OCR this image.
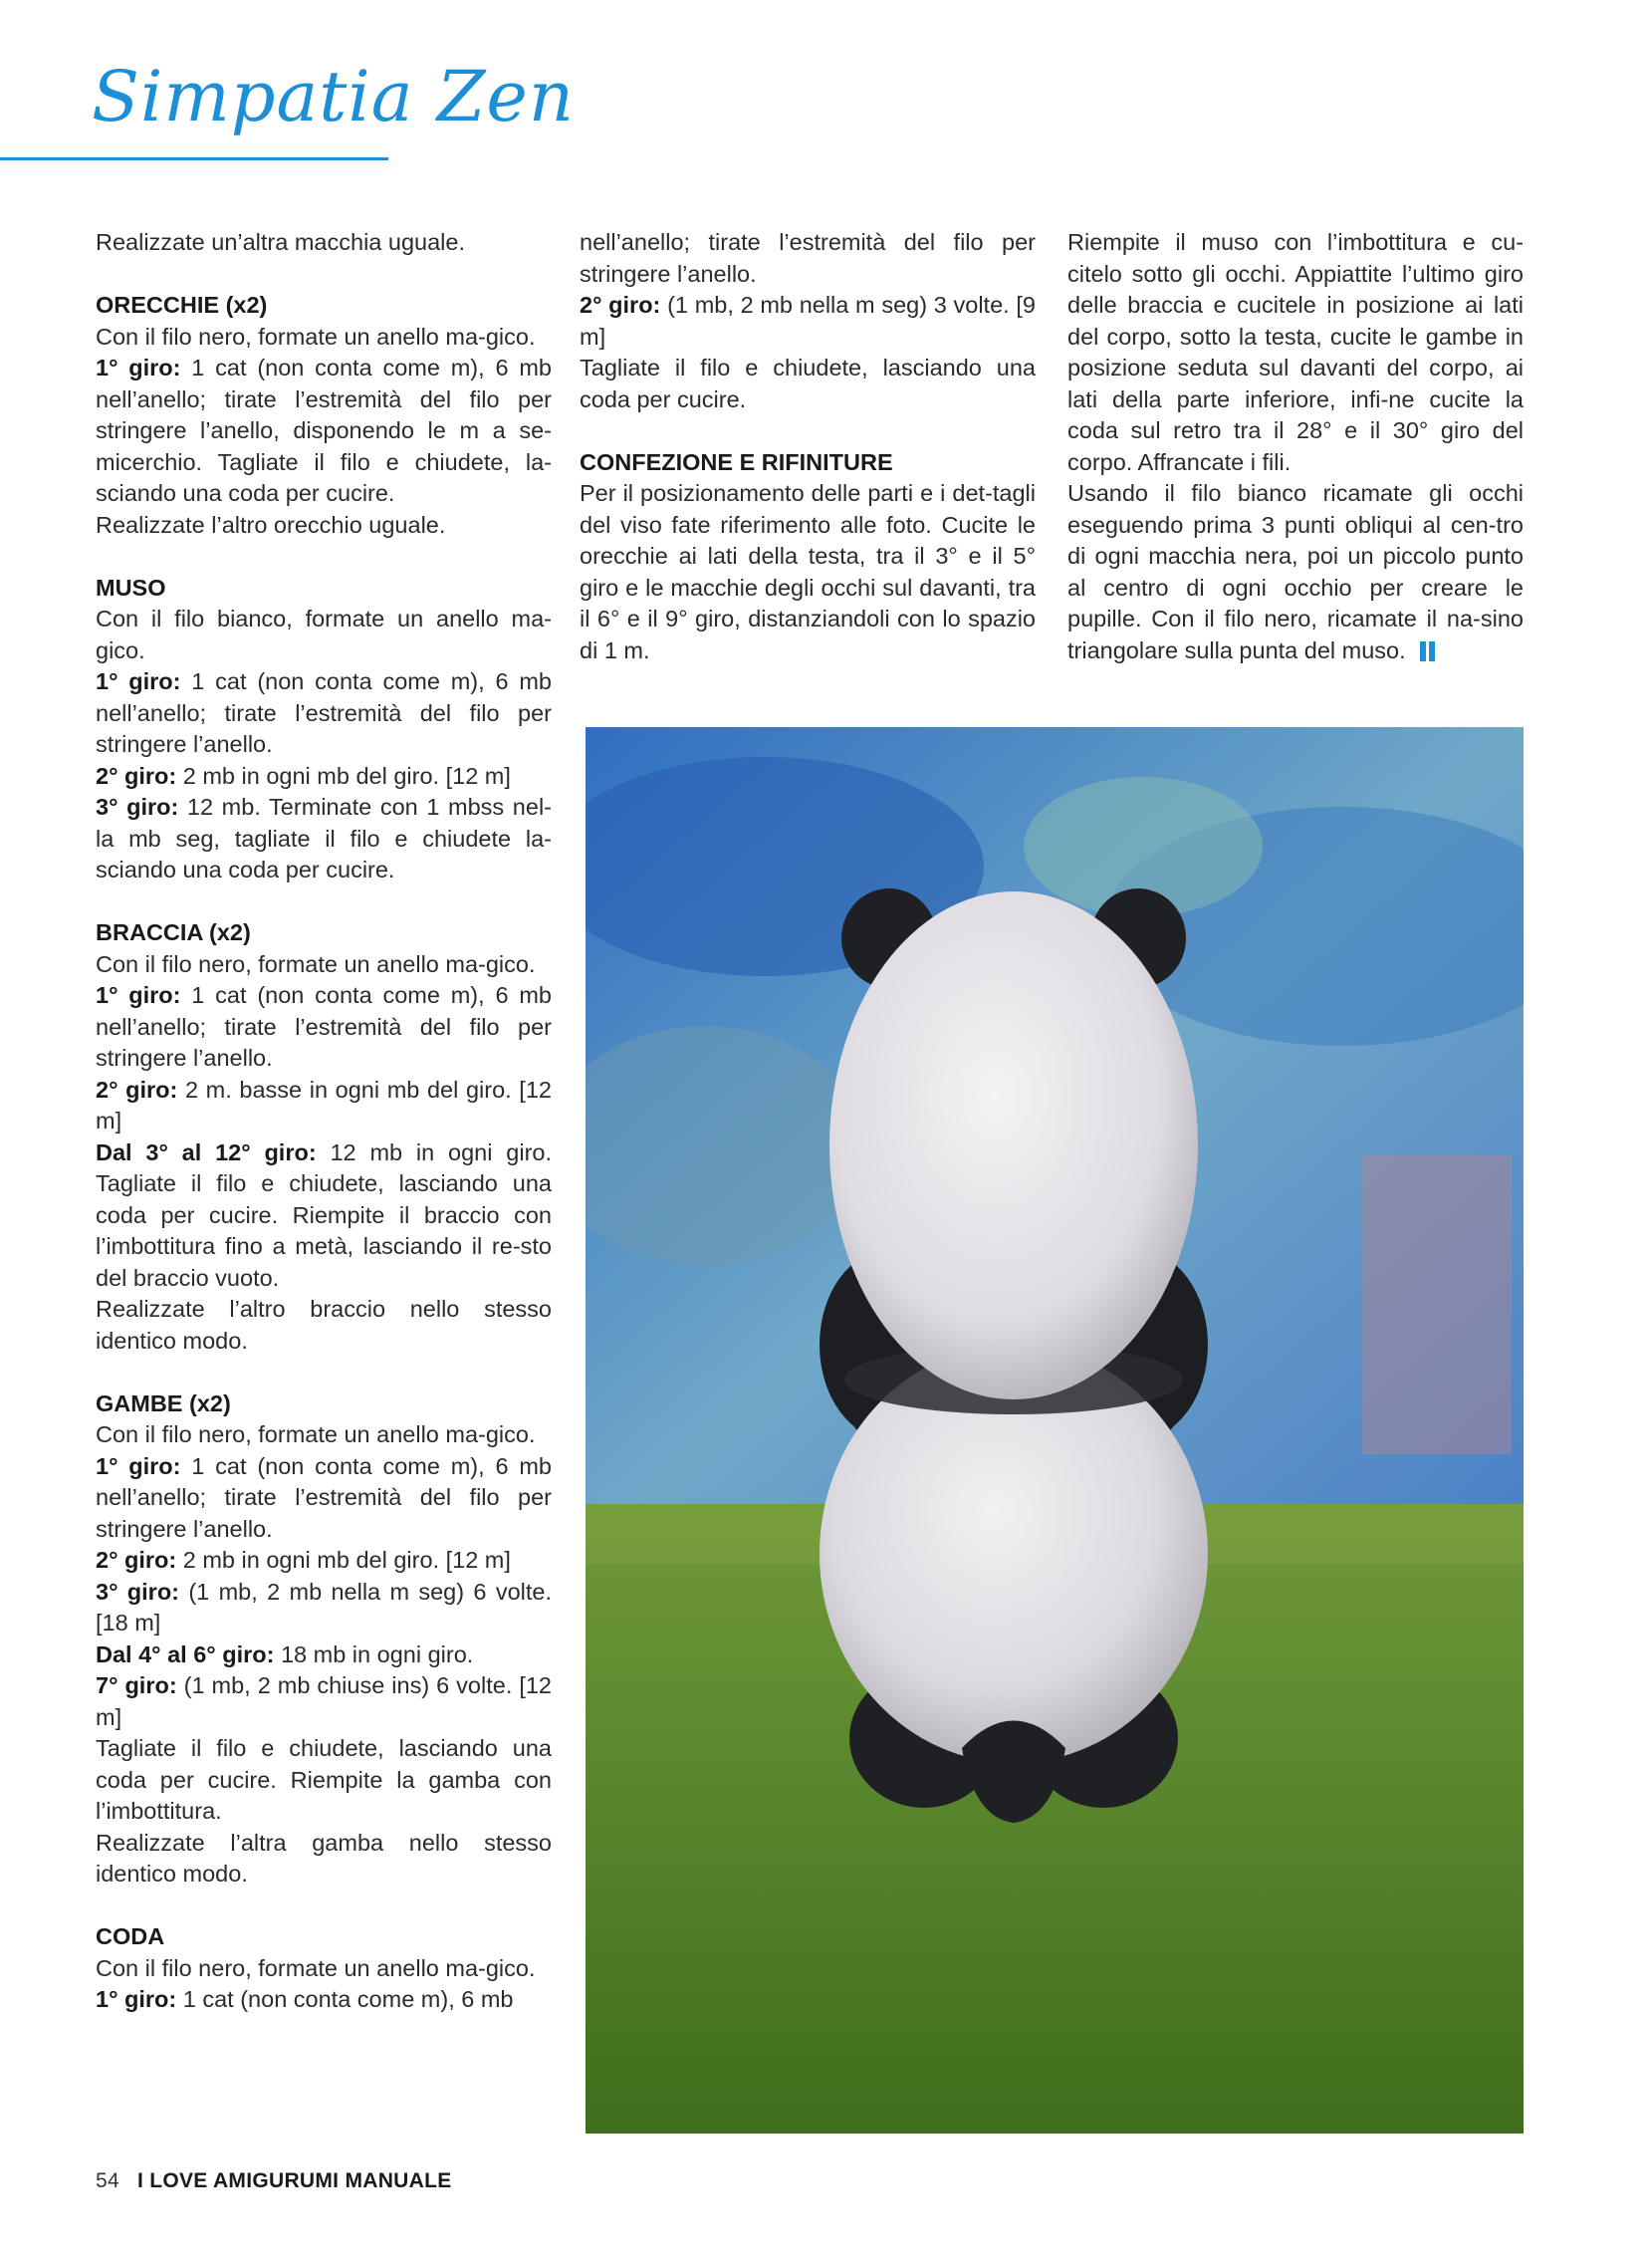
Simpatia Zen

Realizzate un’altra macchia uguale.

ORECCHIE (x2)

Con il filo nero, formate un anello ma-gico.

1° giro: 1 cat (non conta come m), 6 mb nell’anello; tirate l’estremità del filo per stringere l’anello, disponendo le m a se-micerchio. Tagliate il filo e chiudete, la-sciando una coda per cucire.

Realizzate l’altro orecchio uguale.

MUSO

Con il filo bianco, formate un anello ma-gico.

1° giro: 1 cat (non conta come m), 6 mb nell’anello; tirate l’estremità del filo per stringere l’anello.

2° giro: 2 mb in ogni mb del giro. [12 m]

3° giro: 12 mb. Terminate con 1 mbss nel-la mb seg, tagliate il filo e chiudete la-sciando una coda per cucire.

BRACCIA (x2)

Con il filo nero, formate un anello ma-gico.

1° giro: 1 cat (non conta come m), 6 mb nell’anello; tirate l’estremità del filo per stringere l’anello.

2° giro: 2 m. basse in ogni mb del giro. [12 m]

Dal 3° al 12° giro: 12 mb in ogni giro. Tagliate il filo e chiudete, lasciando una coda per cucire. Riempite il braccio con l’imbottitura fino a metà, lasciando il re-sto del braccio vuoto.

Realizzate l’altro braccio nello stesso identico modo.

GAMBE (x2)

Con il filo nero, formate un anello ma-gico.

1° giro: 1 cat (non conta come m), 6 mb nell’anello; tirate l’estremità del filo per stringere l’anello.

2° giro: 2 mb in ogni mb del giro. [12 m]

3° giro: (1 mb, 2 mb nella m seg) 6 volte. [18 m]

Dal 4° al 6° giro: 18 mb in ogni giro.

7° giro: (1 mb, 2 mb chiuse ins) 6 volte. [12 m]

Tagliate il filo e chiudete, lasciando una coda per cucire. Riempite la gamba con l’imbottitura.

Realizzate l’altra gamba nello stesso identico modo.

CODA

Con il filo nero, formate un anello ma-gico.

1° giro: 1 cat (non conta come m), 6 mb

nell’anello; tirate l’estremità del filo per stringere l’anello.

2° giro: (1 mb, 2 mb nella m seg) 3 volte. [9 m]

Tagliate il filo e chiudete, lasciando una coda per cucire.

CONFEZIONE E RIFINITURE

Per il posizionamento delle parti e i det-tagli del viso fate riferimento alle foto. Cucite le orecchie ai lati della testa, tra il 3° e il 5° giro e le macchie degli occhi sul davanti, tra il 6° e il 9° giro, distanziandoli con lo spazio di 1 m.

Riempite il muso con l’imbottitura e cu-citelo sotto gli occhi. Appiattite l’ultimo giro delle braccia e cucitele in posizione ai lati del corpo, sotto la testa, cucite le gambe in posizione seduta sul davanti del corpo, ai lati della parte inferiore, infi-ne cucite la coda sul retro tra il 28° e il 30° giro del corpo. Affrancate i fili.

Usando il filo bianco ricamate gli occhi eseguendo prima 3 punti obliqui al cen-tro di ogni macchia nera, poi un piccolo punto al centro di ogni occhio per creare le pupille. Con il filo nero, ricamate il na-sino triangolare sulla punta del muso.

54 I LOVE AMIGURUMI MANUALE
